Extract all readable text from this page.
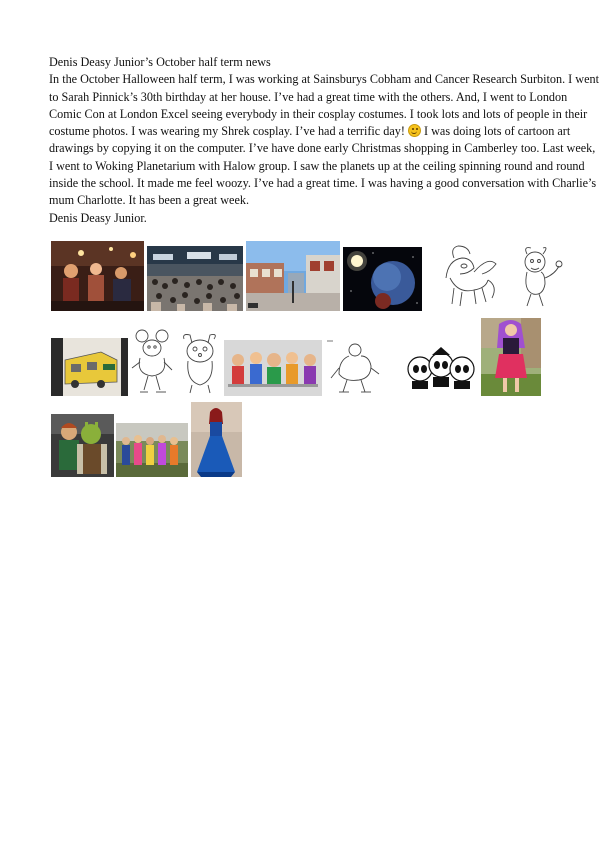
Denis Deasy Junior’s October half term news

In the October Halloween half term, I was working at Sainsburys Cobham and Cancer Research Surbiton. I went to Sarah Pinnick’s 30th birthday at her house. I’ve had a great time with the others. And, I went to London Comic Con at London Excel seeing everybody in their cosplay costumes. I took lots and lots of people in their costume photos. I was wearing my Shrek cosplay. I’ve had a terrific day!  I was doing lots of cartoon art drawings by copying it on the computer. I’ve have done early Christmas shopping in Camberley too. Last week, I went to Woking Planetarium with Halow group. I saw the planets up at the ceiling spinning round and round inside the school. It made me feel woozy. I’ve had a great time. I was having a good conversation with Charlie’s mum Charlotte. It has been a great week.

Denis Deasy Junior.
